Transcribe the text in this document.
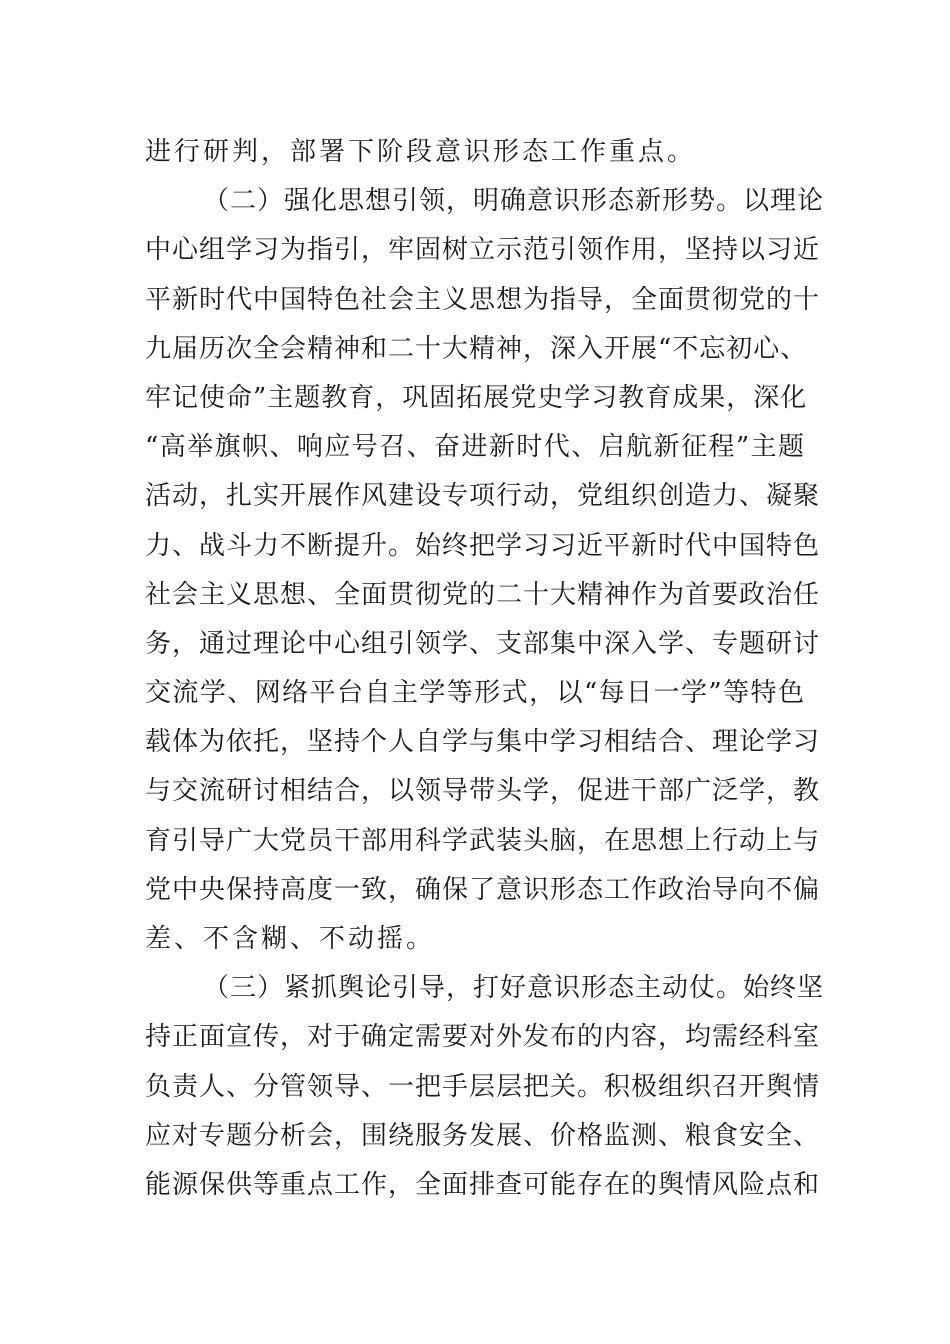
进行研判，部署下阶段意识形态工作重点。
（二）强化思想引领，明确意识形态新形势。以理论
中心组学习为指引，牢固树立示范引领作用，坚持以习近
平新时代中国特色社会主义思想为指导，全面贯彻党的十
九届历次全会精神和二十大精神，深入开展“不忘初心、
牢记使命”主题教育，巩固拓展党史学习教育成果，深化
“高举旗帜、响应号召、奋进新时代、启航新征程”主题
活动，扎实开展作风建设专项行动，党组织创造力、凝聚
力、战斗力不断提升。始终把学习习近平新时代中国特色
社会主义思想、全面贯彻党的二十大精神作为首要政治任
务，通过理论中心组引领学、支部集中深入学、专题研讨
交流学、网络平台自主学等形式，以“每日一学”等特色
载体为依托，坚持个人自学与集中学习相结合、理论学习
与交流研讨相结合，以领导带头学，促进干部广泛学，教
育引导广大党员干部用科学武装头脑，在思想上行动上与
党中央保持高度一致，确保了意识形态工作政治导向不偏
差、不含糊、不动摇。
（三）紧抓舆论引导，打好意识形态主动仗。始终坚
持正面宣传，对于确定需要对外发布的内容，均需经科室
负责人、分管领导、一把手层层把关。积极组织召开舆情
应对专题分析会，围绕服务发展、价格监测、粮食安全、
能源保供等重点工作，全面排查可能存在的舆情风险点和
